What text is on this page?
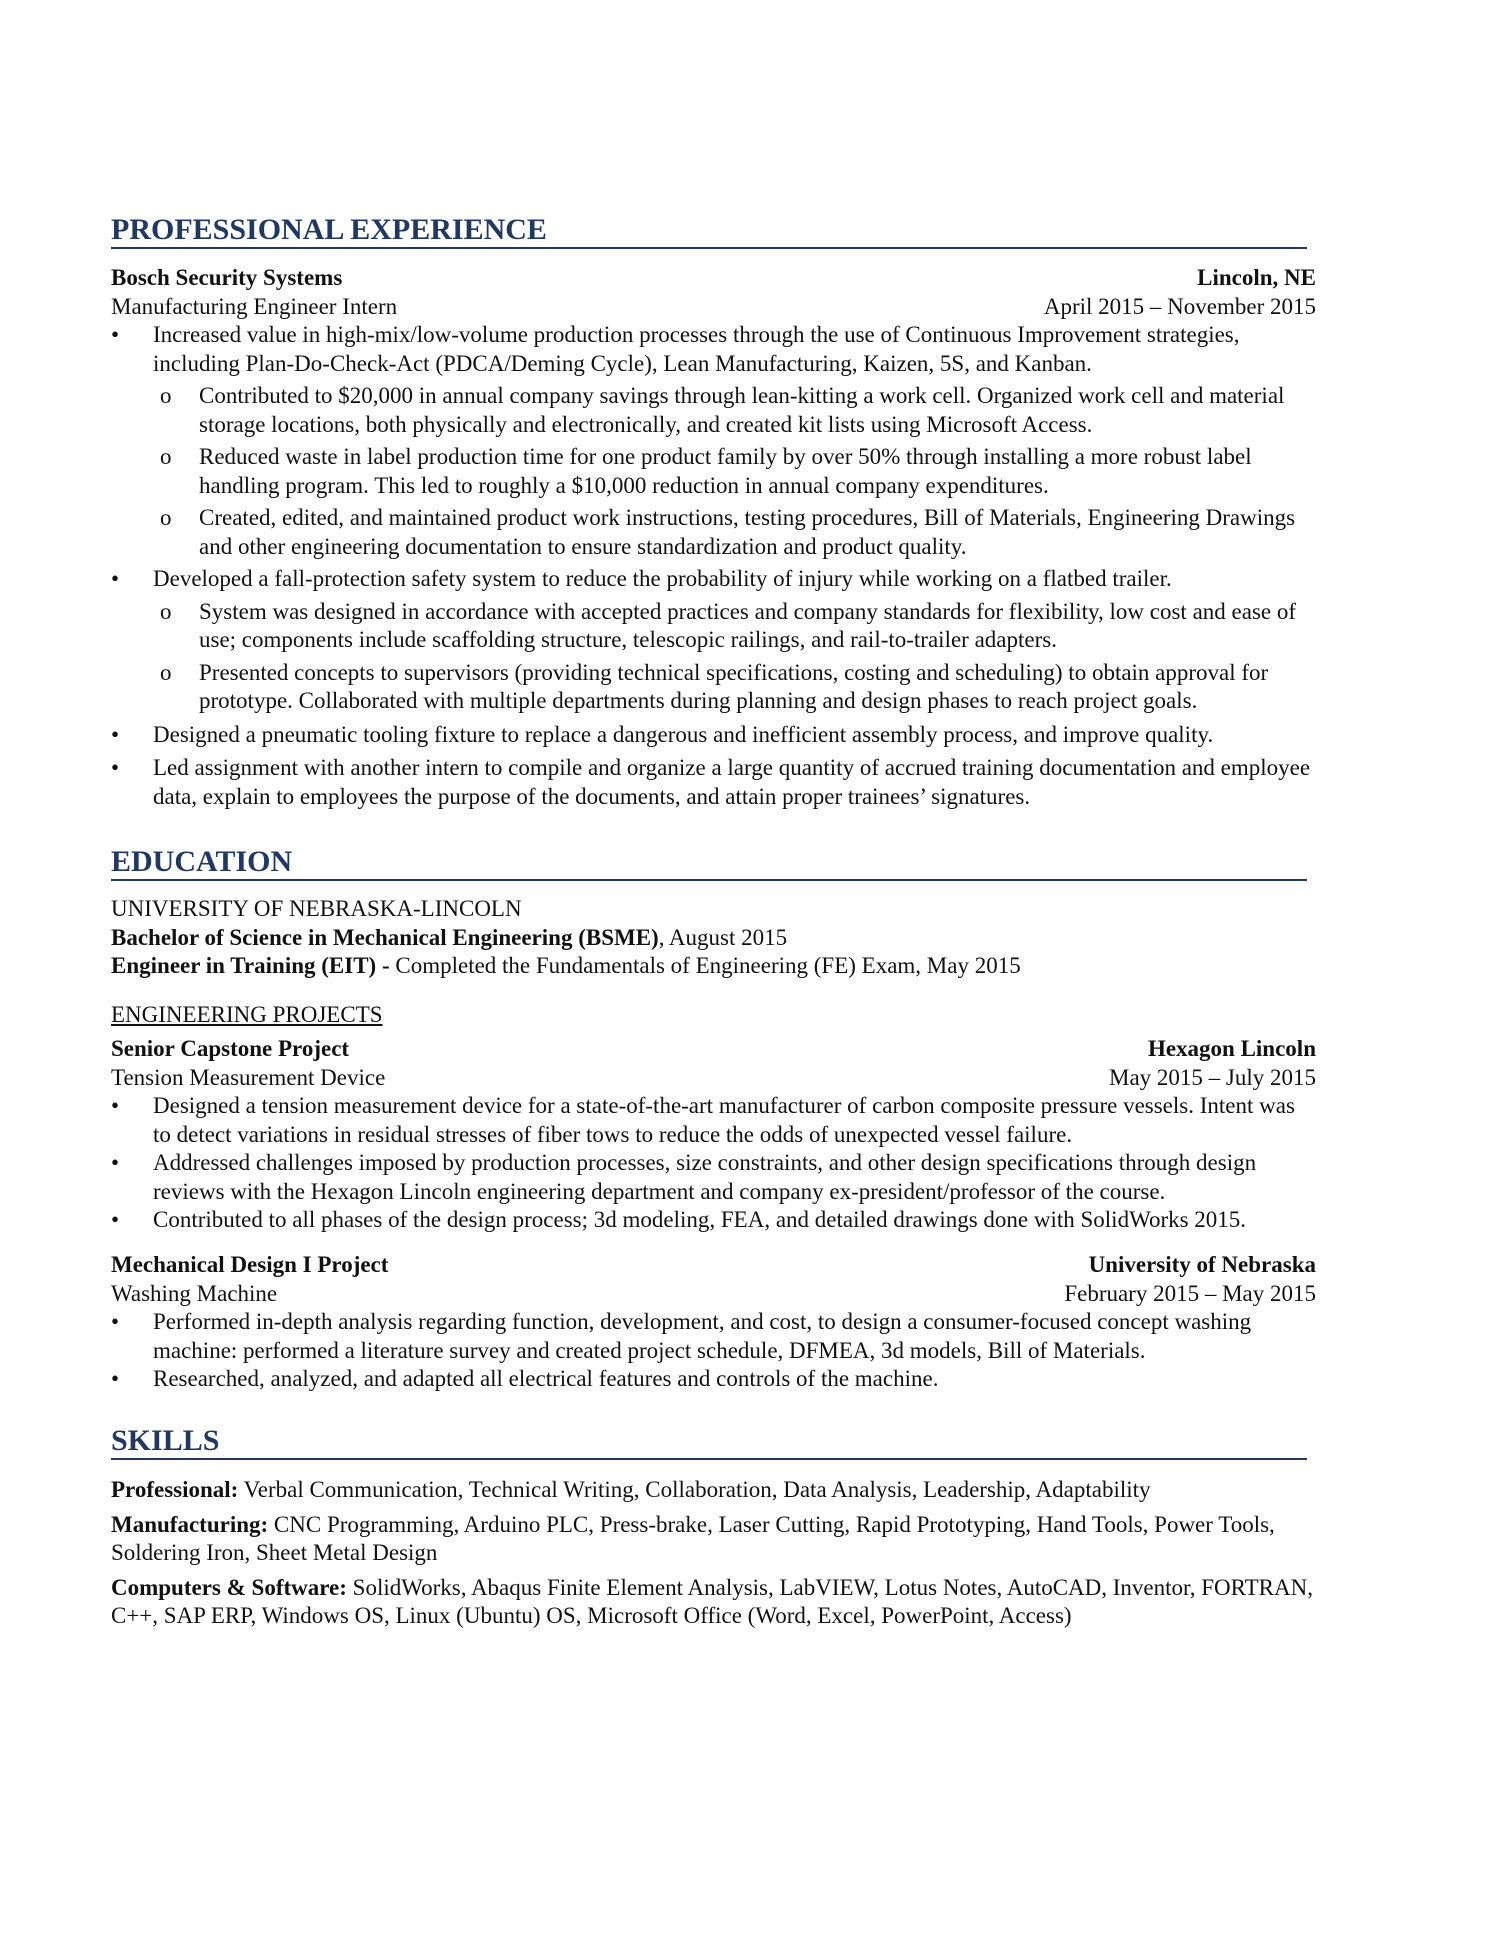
PROFESSIONAL EXPERIENCE
Bosch Security Systems	Lincoln, NE
Manufacturing Engineer Intern	April 2015 – November 2015
• Increased value in high-mix/low-volume production processes through the use of Continuous Improvement strategies, including Plan-Do-Check-Act (PDCA/Deming Cycle), Lean Manufacturing, Kaizen, 5S, and Kanban.
o Contributed to $20,000 in annual company savings through lean-kitting a work cell. Organized work cell and material storage locations, both physically and electronically, and created kit lists using Microsoft Access.
o Reduced waste in label production time for one product family by over 50% through installing a more robust label handling program. This led to roughly a $10,000 reduction in annual company expenditures.
o Created, edited, and maintained product work instructions, testing procedures, Bill of Materials, Engineering Drawings and other engineering documentation to ensure standardization and product quality.
• Developed a fall-protection safety system to reduce the probability of injury while working on a flatbed trailer.
o System was designed in accordance with accepted practices and company standards for flexibility, low cost and ease of use; components include scaffolding structure, telescopic railings, and rail-to-trailer adapters.
o Presented concepts to supervisors (providing technical specifications, costing and scheduling) to obtain approval for prototype. Collaborated with multiple departments during planning and design phases to reach project goals.
• Designed a pneumatic tooling fixture to replace a dangerous and inefficient assembly process, and improve quality.
• Led assignment with another intern to compile and organize a large quantity of accrued training documentation and employee data, explain to employees the purpose of the documents, and attain proper trainees’ signatures.
EDUCATION
UNIVERSITY OF NEBRASKA-LINCOLN
Bachelor of Science in Mechanical Engineering (BSME), August 2015
Engineer in Training (EIT) - Completed the Fundamentals of Engineering (FE) Exam, May 2015
ENGINEERING PROJECTS
Senior Capstone Project	Hexagon Lincoln
Tension Measurement Device	May 2015 – July 2015
• Designed a tension measurement device for a state-of-the-art manufacturer of carbon composite pressure vessels. Intent was to detect variations in residual stresses of fiber tows to reduce the odds of unexpected vessel failure.
• Addressed challenges imposed by production processes, size constraints, and other design specifications through design reviews with the Hexagon Lincoln engineering department and company ex-president/professor of the course.
• Contributed to all phases of the design process; 3d modeling, FEA, and detailed drawings done with SolidWorks 2015.
Mechanical Design I Project	University of Nebraska
Washing Machine	February 2015 – May 2015
• Performed in-depth analysis regarding function, development, and cost, to design a consumer-focused concept washing machine: performed a literature survey and created project schedule, DFMEA, 3d models, Bill of Materials.
• Researched, analyzed, and adapted all electrical features and controls of the machine.
SKILLS
Professional: Verbal Communication, Technical Writing, Collaboration, Data Analysis, Leadership, Adaptability
Manufacturing: CNC Programming, Arduino PLC, Press-brake, Laser Cutting, Rapid Prototyping, Hand Tools, Power Tools, Soldering Iron, Sheet Metal Design
Computers & Software: SolidWorks, Abaqus Finite Element Analysis, LabVIEW, Lotus Notes, AutoCAD, Inventor, FORTRAN, C++, SAP ERP, Windows OS, Linux (Ubuntu) OS, Microsoft Office (Word, Excel, PowerPoint, Access)
